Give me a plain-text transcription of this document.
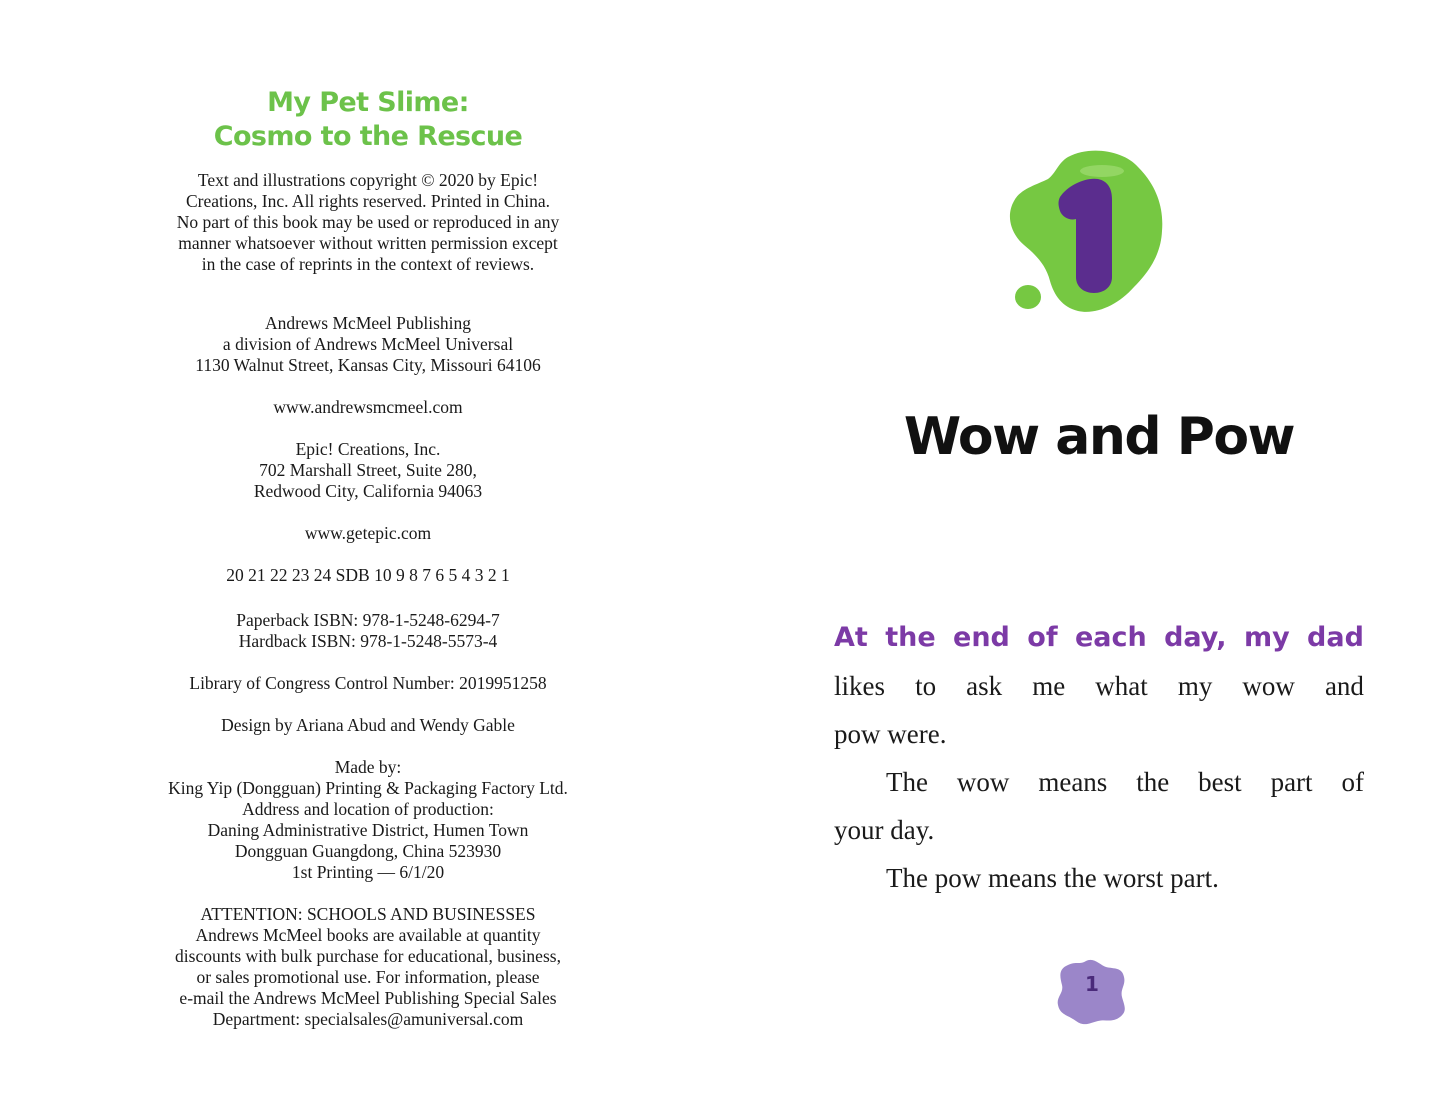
My Pet Slime:
Cosmo to the Rescue
Text and illustrations copyright © 2020 by Epic!
Creations, Inc. All rights reserved. Printed in China.
No part of this book may be used or reproduced in any
manner whatsoever without written permission except
in the case of reprints in the context of reviews.
Andrews McMeel Publishing
a division of Andrews McMeel Universal
1130 Walnut Street, Kansas City, Missouri 64106
www.andrewsmcmeel.com
Epic! Creations, Inc.
702 Marshall Street, Suite 280,
Redwood City, California 94063
www.getepic.com
20 21 22 23 24 SDB 10 9 8 7 6 5 4 3 2 1
Paperback ISBN: 978-1-5248-6294-7
Hardback ISBN: 978-1-5248-5573-4
Library of Congress Control Number: 2019951258
Design by Ariana Abud and Wendy Gable
Made by:
King Yip (Dongguan) Printing & Packaging Factory Ltd.
Address and location of production:
Daning Administrative District, Humen Town
Dongguan Guangdong, China 523930
1st Printing — 6/1/20
ATTENTION: SCHOOLS AND BUSINESSES
Andrews McMeel books are available at quantity
discounts with bulk purchase for educational, business,
or sales promotional use. For information, please
e-mail the Andrews McMeel Publishing Special Sales
Department: specialsales@amuniversal.com
Wow and Pow
At the end of each day, my dad
likes to ask me what my wow and
pow were.
The wow means the best part of
your day.
The pow means the worst part.
1
